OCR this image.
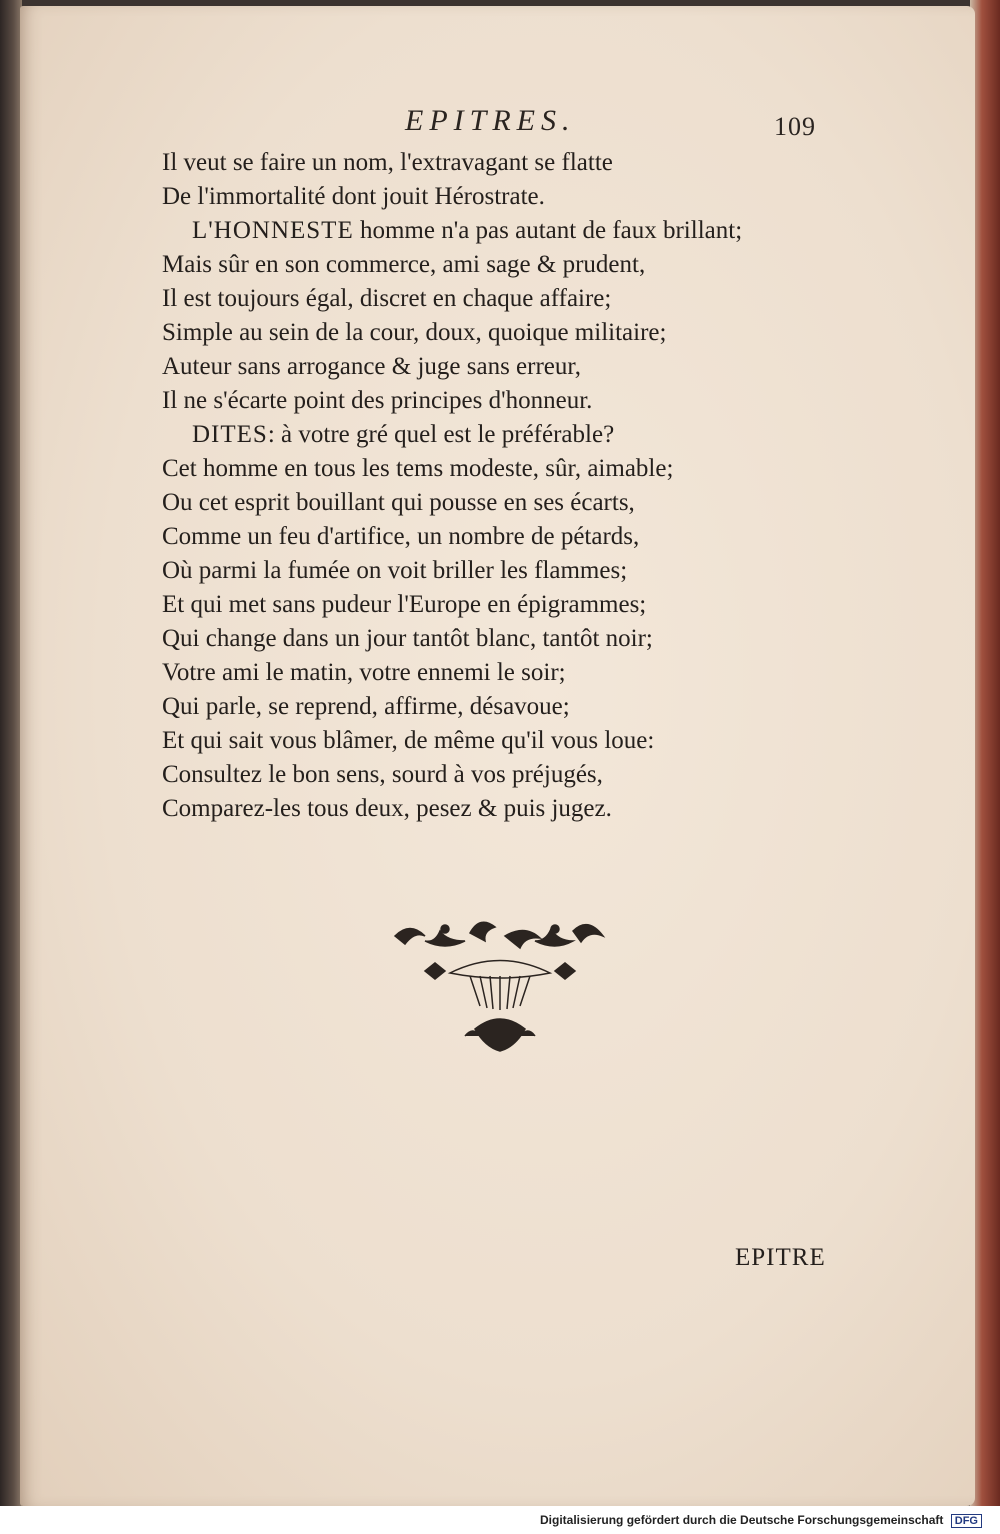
EPITRES.	109

Il veut se faire un nom, l'extravagant se flatte

De l'immortalité dont jouit Hérostrate.

L'HONNESTE homme n'a pas autant de faux brillant;

Mais sûr en son commerce, ami sage & prudent,

Il est toujours égal, discret en chaque affaire;

Simple au sein de la cour, doux, quoique militaire;

Auteur sans arrogance & juge sans erreur,

Il ne s'écarte point des principes d'honneur.

DITES: à votre gré quel est le préférable?

Cet homme en tous les tems modeste, sûr, aimable;

Ou cet esprit bouillant qui pousse en ses écarts,

Comme un feu d'artifice, un nombre de pétards,

Où parmi la fumée on voit briller les flammes;

Et qui met sans pudeur l'Europe en épigrammes;

Qui change dans un jour tantôt blanc, tantôt noir;

Votre ami le matin, votre ennemi le soir;

Qui parle, se reprend, affirme, désavoue;

Et qui sait vous blâmer, de même qu'il vous loue:

Consultez le bon sens, sourd à vos préjugés,

Comparez-les tous deux, pesez & puis jugez.

EPITRE
Digitalisierung gefördert durch die Deutsche Forschungsgemeinschaft DFG
